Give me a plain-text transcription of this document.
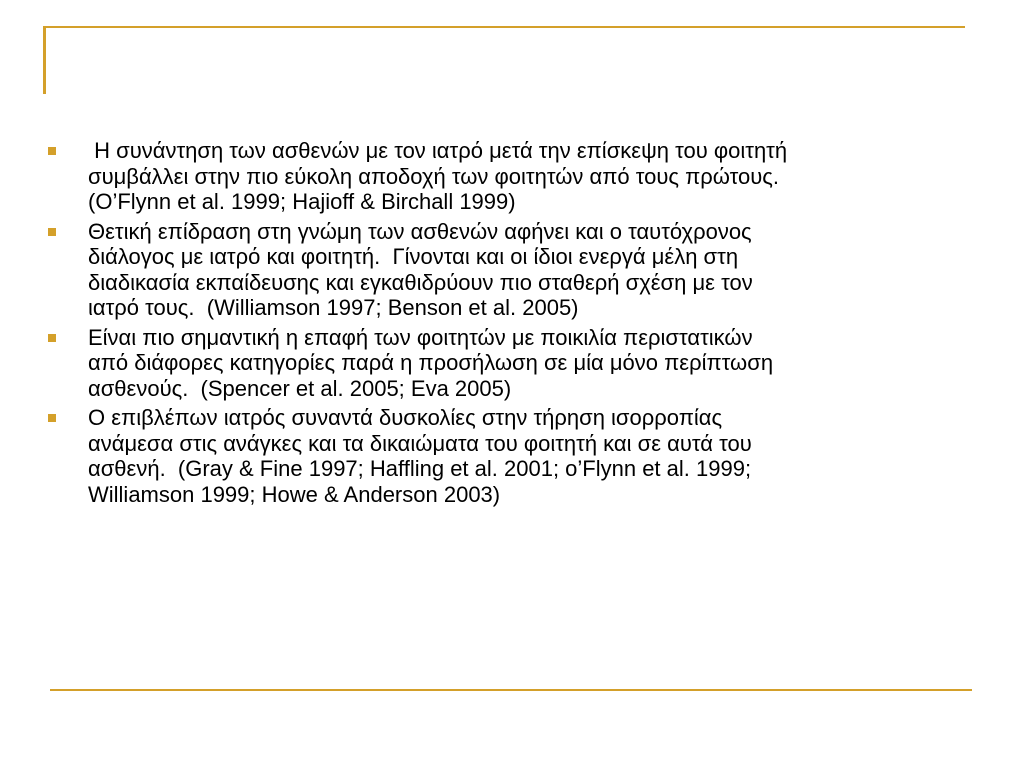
Η συνάντηση των ασθενών με τον ιατρό μετά την επίσκεψη του φοιτητή
συμβάλλει στην πιο εύκολη αποδοχή των φοιτητών από τους πρώτους.
(O’Flynn et al. 1999; Hajioff & Birchall 1999)
Θετική επίδραση στη γνώμη των ασθενών αφήνει και ο ταυτόχρονος
διάλογος με ιατρό και φοιτητή.  Γίνονται και οι ίδιοι ενεργά μέλη στη
διαδικασία εκπαίδευσης και εγκαθιδρύουν πιο σταθερή σχέση με τον
ιατρό τους.  (Williamson 1997; Benson et al. 2005)
Είναι πιο σημαντική η επαφή των φοιτητών με ποικιλία περιστατικών
από διάφορες κατηγορίες παρά η προσήλωση σε μία μόνο περίπτωση
ασθενούς.  (Spencer et al. 2005; Eva 2005)
Ο επιβλέπων ιατρός συναντά δυσκολίες στην τήρηση ισορροπίας
ανάμεσα στις ανάγκες και τα δικαιώματα του φοιτητή και σε αυτά του
ασθενή.  (Gray & Fine 1997; Haffling et al. 2001; o’Flynn et al. 1999;
Williamson 1999; Howe & Anderson 2003)
